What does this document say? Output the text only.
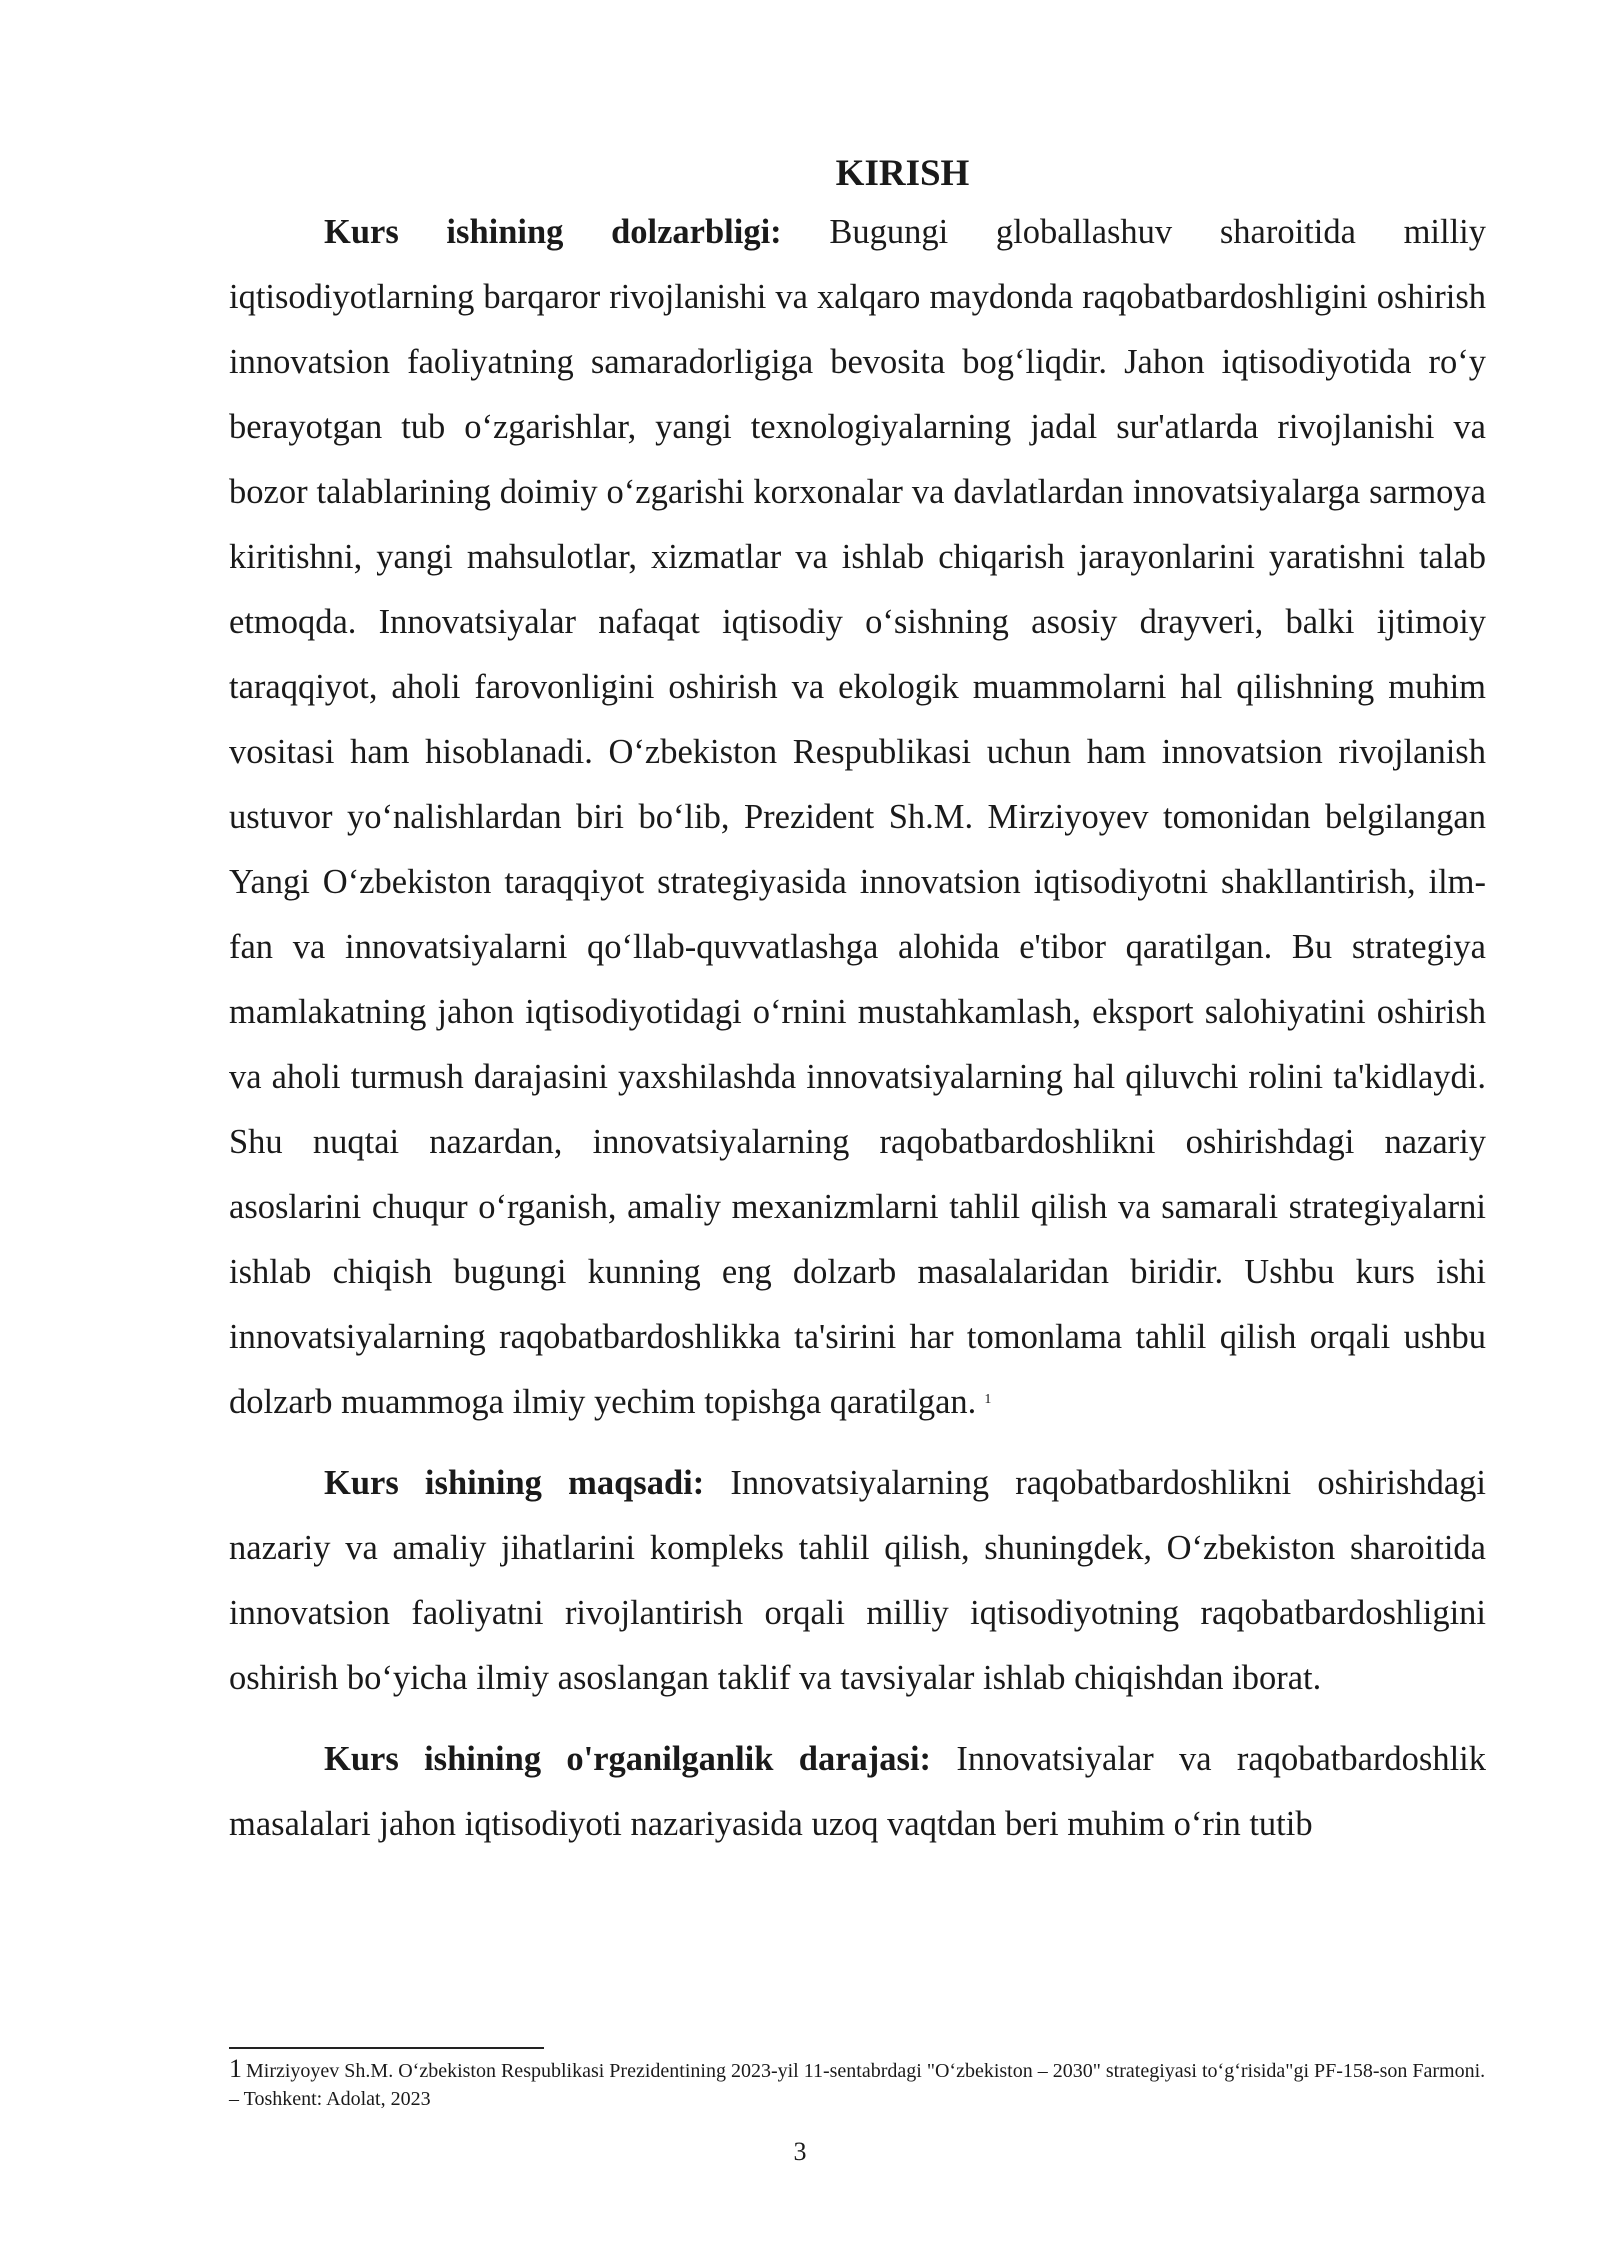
KIRISH

Kurs ishining dolzarbligi: Bugungi globallashuv sharoitida milliy iqtisodiyotlarning barqaror rivojlanishi va xalqaro maydonda raqobatbardoshligini oshirish innovatsion faoliyatning samaradorligiga bevosita bog‘liqdir. Jahon iqtisodiyotida ro‘y berayotgan tub o‘zgarishlar, yangi texnologiyalarning jadal sur'atlarda rivojlanishi va bozor talablarining doimiy o‘zgarishi korxonalar va davlatlardan innovatsiyalarga sarmoya kiritishni, yangi mahsulotlar, xizmatlar va ishlab chiqarish jarayonlarini yaratishni talab etmoqda. Innovatsiyalar nafaqat iqtisodiy o‘sishning asosiy drayveri, balki ijtimoiy taraqqiyot, aholi farovonligini oshirish va ekologik muammolarni hal qilishning muhim vositasi ham hisoblanadi. O‘zbekiston Respublikasi uchun ham innovatsion rivojlanish ustuvor yo‘nalishlardan biri bo‘lib, Prezident Sh.M. Mirziyoyev tomonidan belgilangan Yangi O‘zbekiston taraqqiyot strategiyasida innovatsion iqtisodiyotni shakllantirish, ilm-fan va innovatsiyalarni qo‘llab-quvvatlashga alohida e'tibor qaratilgan. Bu strategiya mamlakatning jahon iqtisodiyotidagi o‘rnini mustahkamlash, eksport salohiyatini oshirish va aholi turmush darajasini yaxshilashda innovatsiyalarning hal qiluvchi rolini ta'kidlaydi. Shu nuqtai nazardan, innovatsiyalarning raqobatbardoshlikni oshirishdagi nazariy asoslarini chuqur o‘rganish, amaliy mexanizmlarni tahlil qilish va samarali strategiyalarni ishlab chiqish bugungi kunning eng dolzarb masalalaridan biridir. Ushbu kurs ishi innovatsiyalarning raqobatbardoshlikka ta'sirini har tomonlama tahlil qilish orqali ushbu dolzarb muammoga ilmiy yechim topishga qaratilgan. $^1$

Kurs ishining maqsadi: Innovatsiyalarning raqobatbardoshlikni oshirishdagi nazariy va amaliy jihatlarini kompleks tahlil qilish, shuningdek, O‘zbekiston sharoitida innovatsion faoliyatni rivojlantirish orqali milliy iqtisodiyotning raqobatbardoshligini oshirish bo‘yicha ilmiy asoslangan taklif va tavsiyalar ishlab chiqishdan iborat.

Kurs ishining o'rganilganlik darajasi: Innovatsiyalar va raqobatbardoshlik masalalari jahon iqtisodiyoti nazariyasida uzoq vaqtdan beri muhim o‘rin tutib

1 Mirziyoyev Sh.M. O‘zbekiston Respublikasi Prezidentining 2023-yil 11-sentabrdagi "O‘zbekiston – 2030" strategiyasi to‘g‘risida"gi PF-158-son Farmoni. – Toshkent: Adolat, 2023
3
